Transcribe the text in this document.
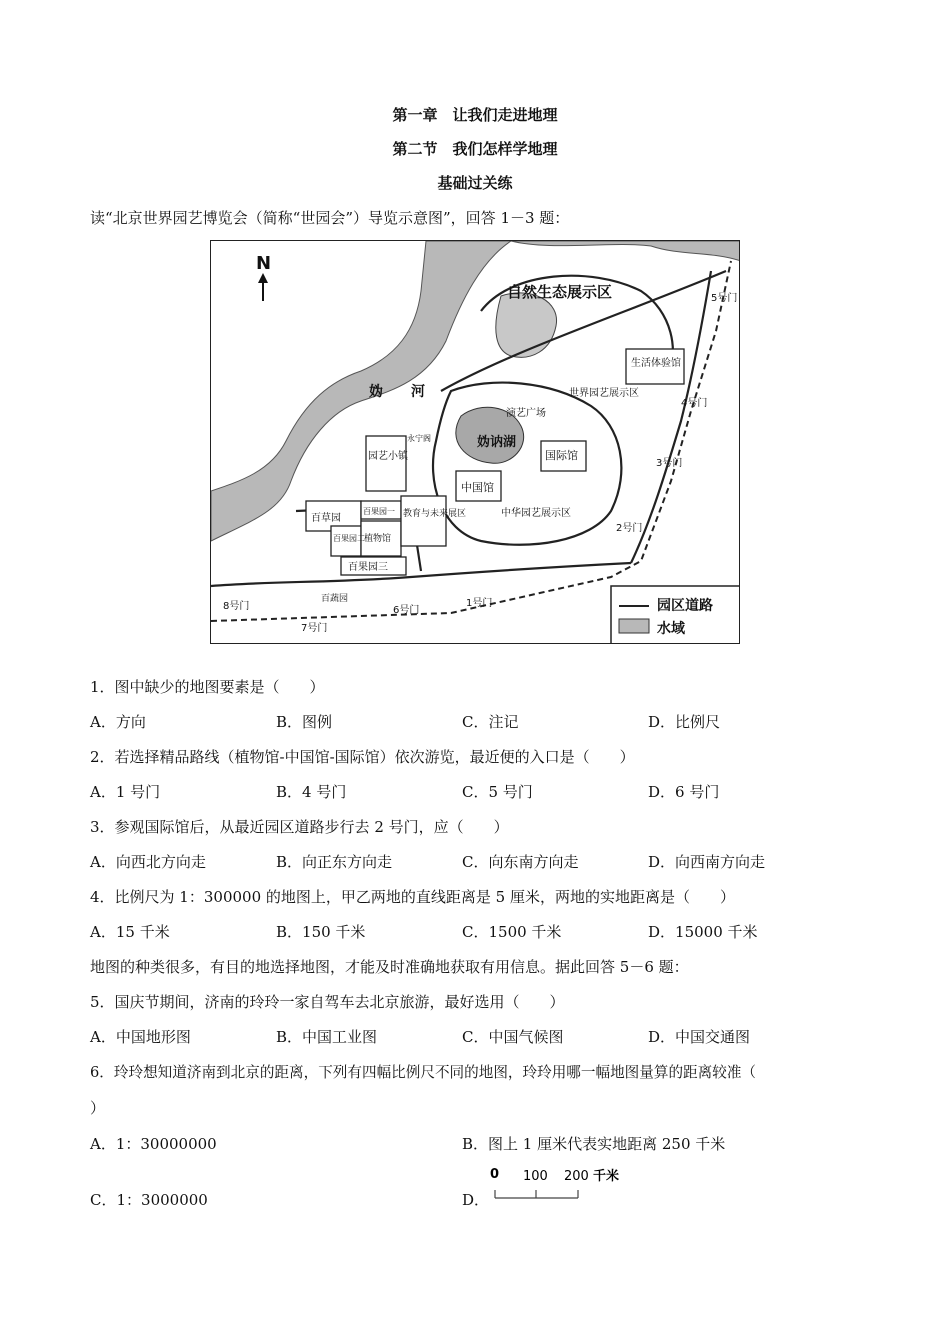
第一章　让我们走进地理
第二节　我们怎样学地理
基础过关练
读“北京世界园艺博览会（简称“世园会”）导览示意图”，回答 1－3 题：
N
自然生态展示区
妫　　河
妫讷湖
演艺广场
生活体验馆
世界园艺展示区
国际馆
中国馆
中华园艺展示区
园艺小镇
永宁阁
百草园
百果园一
百果园二 植物馆
教育与未来展区
百果园三
百蔬园	1号门
2号门
3号门
4号门
5号门
6号门
7号门
8号门	园区道路
水域
1．图中缺少的地图要素是（　　）
A．方向	B．图例	C．注记	D．比例尺
2．若选择精品路线（植物馆-中国馆-国际馆）依次游览，最近便的入口是（　　）
A．1 号门	B．4 号门	C．5 号门	D．6 号门
3．参观国际馆后，从最近园区道路步行去 2 号门，应（　　）
A．向西北方向走	B．向正东方向走	C．向东南方向走	D．向西南方向走
4．比例尺为 1：300000 的地图上，甲乙两地的直线距离是 5 厘米，两地的实地距离是（　　）
A．15 千米	B．150 千米	C．1500 千米	D．15000 千米
地图的种类很多，有目的地选择地图，才能及时准确地获取有用信息。据此回答 5－6 题：
5．国庆节期间，济南的玲玲一家自驾车去北京旅游，最好选用（　　）
A．中国地形图	B．中国工业图	C．中国气候图	D．中国交通图
6．玲玲想知道济南到北京的距离，下列有四幅比例尺不同的地图，玲玲用哪一幅地图量算的距离较准（
）
A．1：30000000	B．图上 1 厘米代表实地距离 250 千米
C．1：3000000	D．
0 100 200 千米
